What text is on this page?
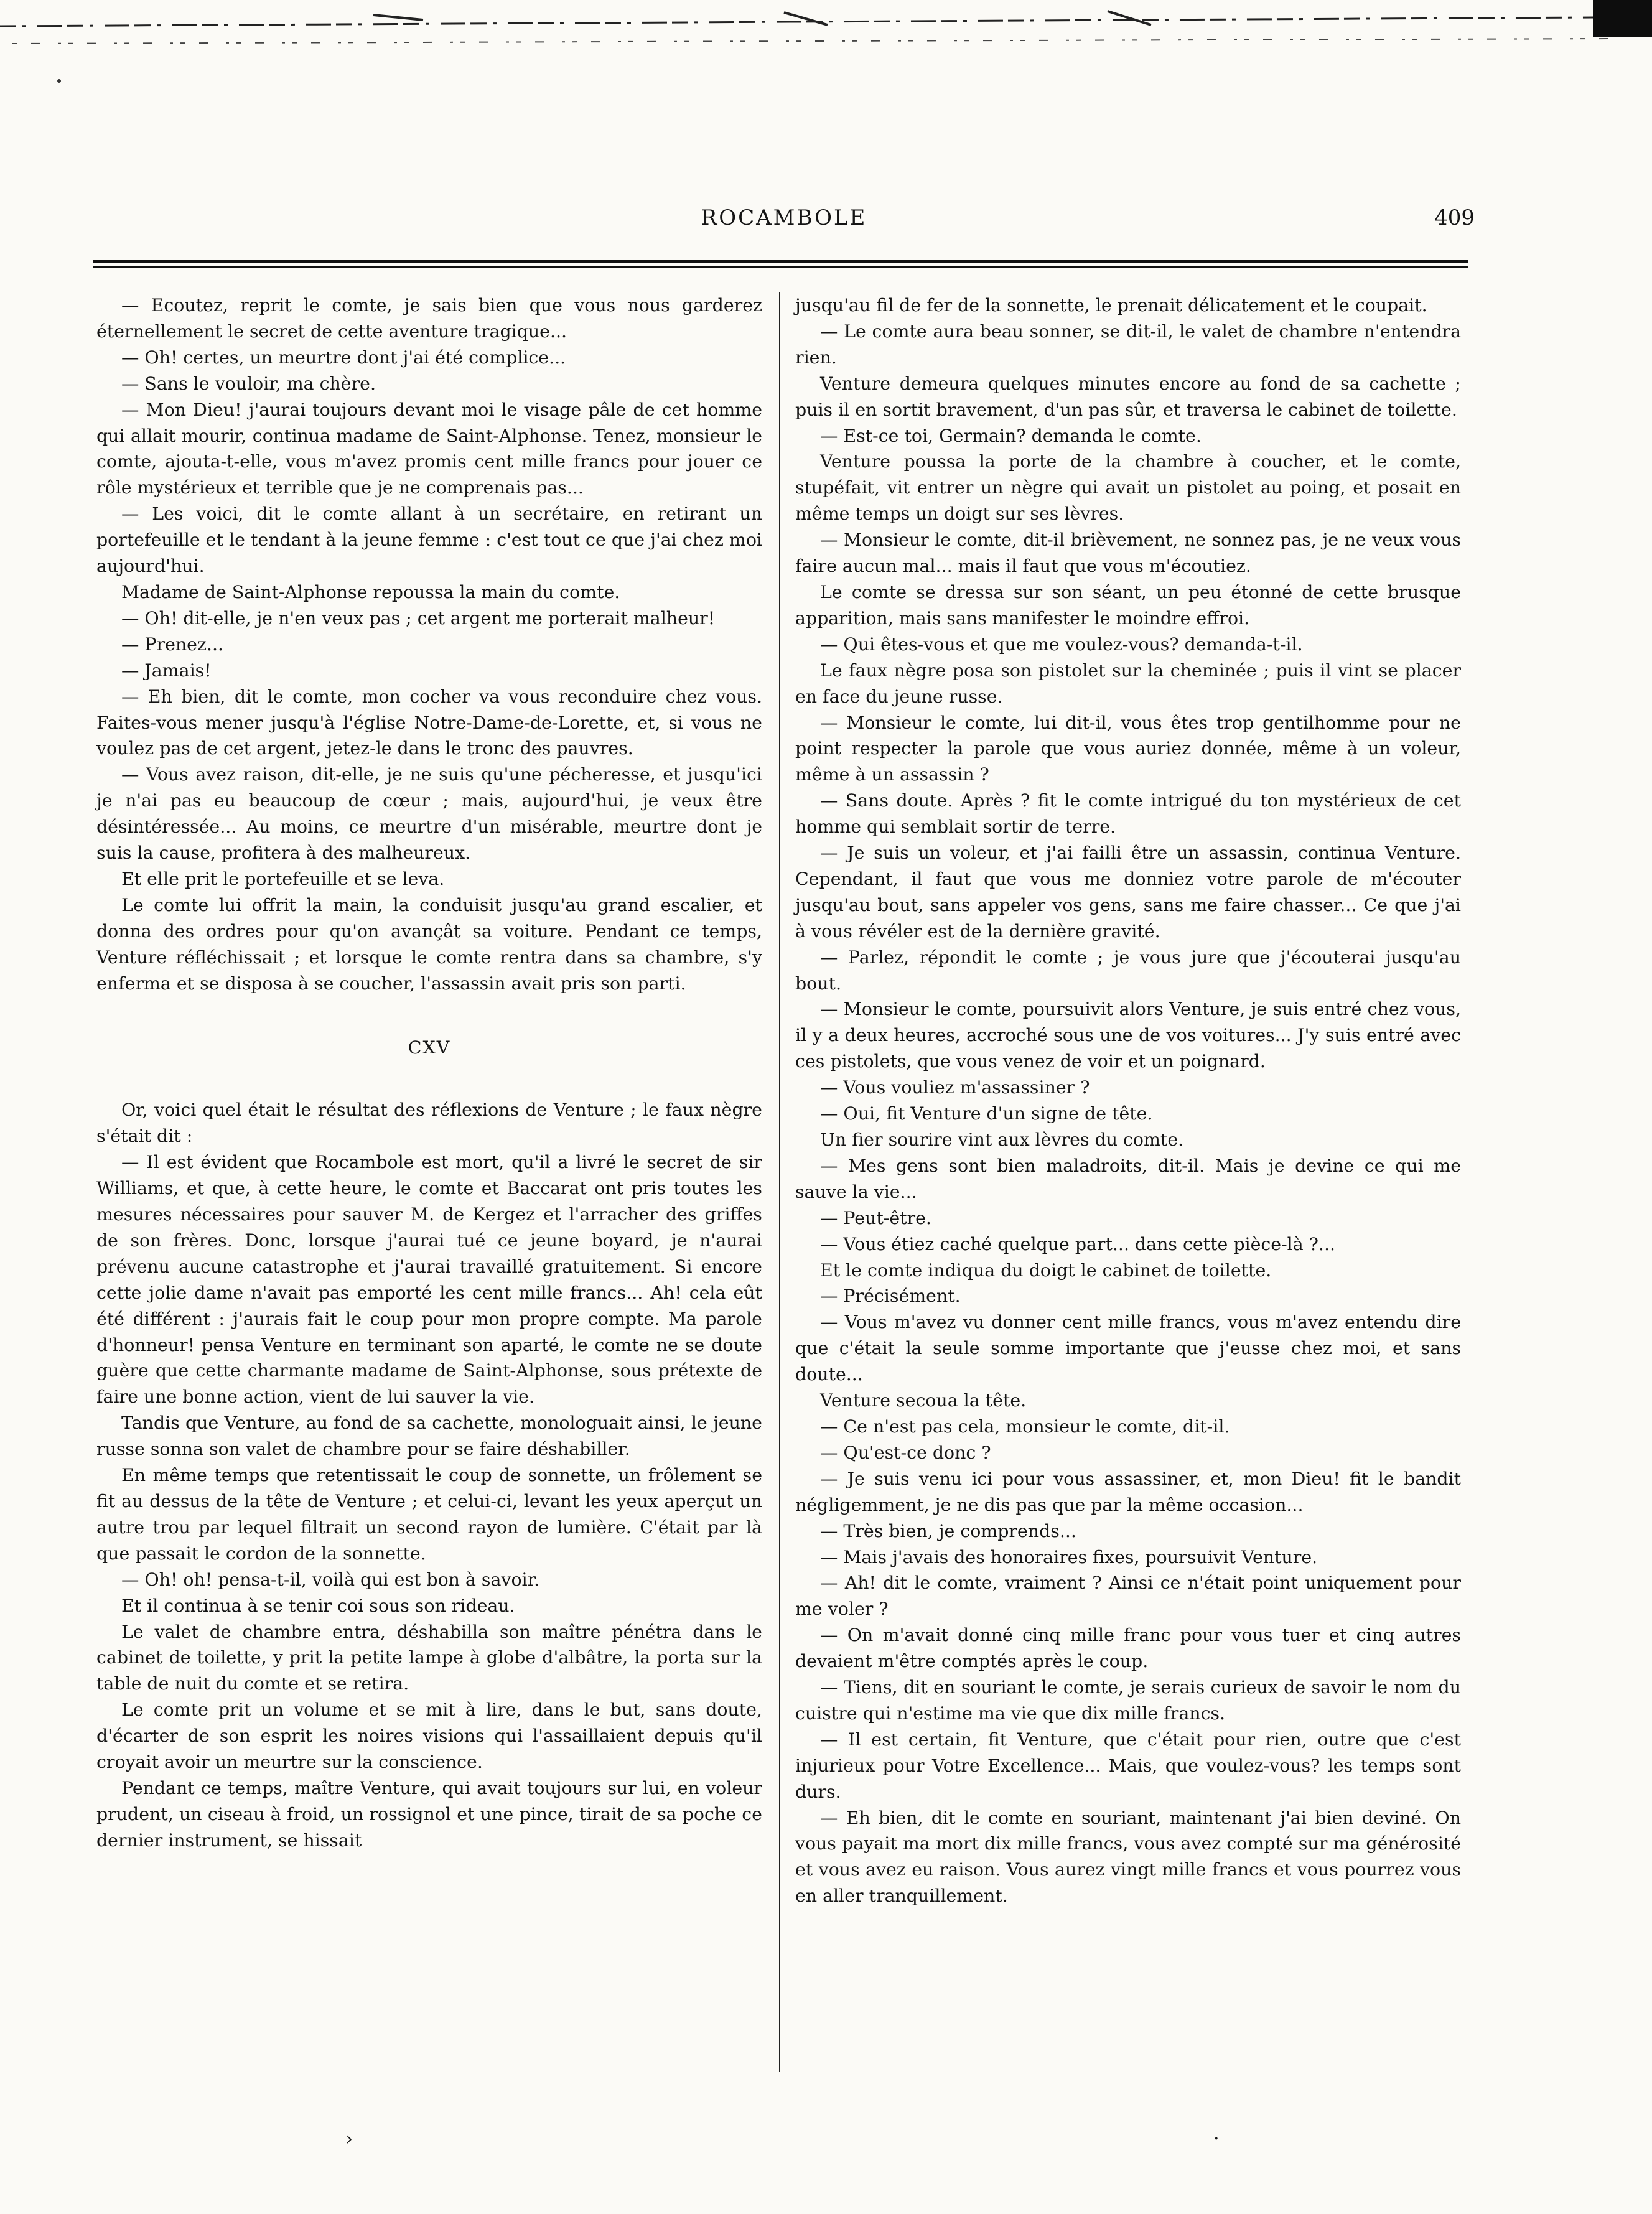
ROCAMBOLE	409

— Ecoutez, reprit le comte, je sais bien que vous nous garderez éternellement le secret de cette aventure tragique...

— Oh! certes, un meurtre dont j'ai été complice...

— Sans le vouloir, ma chère.

— Mon Dieu! j'aurai toujours devant moi le visage pâle de cet homme qui allait mourir, continua madame de Saint-Alphonse. Tenez, monsieur le comte, ajouta-t-elle, vous m'avez promis cent mille francs pour jouer ce rôle mystérieux et terrible que je ne comprenais pas...

— Les voici, dit le comte allant à un secrétaire, en retirant un portefeuille et le tendant à la jeune femme : c'est tout ce que j'ai chez moi aujourd'hui.

Madame de Saint-Alphonse repoussa la main du comte.

— Oh! dit-elle, je n'en veux pas ; cet argent me porterait malheur!

— Prenez...

— Jamais!

— Eh bien, dit le comte, mon cocher va vous reconduire chez vous. Faites-vous mener jusqu'à l'église Notre-Dame-de-Lorette, et, si vous ne voulez pas de cet argent, jetez-le dans le tronc des pauvres.

— Vous avez raison, dit-elle, je ne suis qu'une pécheresse, et jusqu'ici je n'ai pas eu beaucoup de cœur ; mais, aujourd'hui, je veux être désintéressée... Au moins, ce meurtre d'un misérable, meurtre dont je suis la cause, profitera à des malheureux.

Et elle prit le portefeuille et se leva.

Le comte lui offrit la main, la conduisit jusqu'au grand escalier, et donna des ordres pour qu'on avançât sa voiture. Pendant ce temps, Venture réfléchissait ; et lorsque le comte rentra dans sa chambre, s'y enferma et se disposa à se coucher, l'assassin avait pris son parti.

CXV

Or, voici quel était le résultat des réflexions de Venture ; le faux nègre s'était dit :

— Il est évident que Rocambole est mort, qu'il a livré le secret de sir Williams, et que, à cette heure, le comte et Baccarat ont pris toutes les mesures nécessaires pour sauver M. de Kergez et l'arracher des griffes de son frères. Donc, lorsque j'aurai tué ce jeune boyard, je n'aurai prévenu aucune catastrophe et j'aurai travaillé gratuitement. Si encore cette jolie dame n'avait pas emporté les cent mille francs... Ah! cela eût été différent : j'aurais fait le coup pour mon propre compte. Ma parole d'honneur! pensa Venture en terminant son aparté, le comte ne se doute guère que cette charmante madame de Saint-Alphonse, sous prétexte de faire une bonne action, vient de lui sauver la vie.

Tandis que Venture, au fond de sa cachette, monologuait ainsi, le jeune russe sonna son valet de chambre pour se faire déshabiller.

En même temps que retentissait le coup de sonnette, un frôlement se fit au dessus de la tête de Venture ; et celui-ci, levant les yeux aperçut un autre trou par lequel filtrait un second rayon de lumière. C'était par là que passait le cordon de la sonnette.

— Oh! oh! pensa-t-il, voilà qui est bon à savoir.

Et il continua à se tenir coi sous son rideau.

Le valet de chambre entra, déshabilla son maître pénétra dans le cabinet de toilette, y prit la petite lampe à globe d'albâtre, la porta sur la table de nuit du comte et se retira.

Le comte prit un volume et se mit à lire, dans le but, sans doute, d'écarter de son esprit les noires visions qui l'assaillaient depuis qu'il croyait avoir un meurtre sur la conscience.

Pendant ce temps, maître Venture, qui avait toujours sur lui, en voleur prudent, un ciseau à froid, un rossignol et une pince, tirait de sa poche ce dernier instrument, se hissait

jusqu'au fil de fer de la sonnette, le prenait délicatement et le coupait.

— Le comte aura beau sonner, se dit-il, le valet de chambre n'entendra rien.

Venture demeura quelques minutes encore au fond de sa cachette ; puis il en sortit bravement, d'un pas sûr, et traversa le cabinet de toilette.

— Est-ce toi, Germain? demanda le comte.

Venture poussa la porte de la chambre à coucher, et le comte, stupéfait, vit entrer un nègre qui avait un pistolet au poing, et posait en même temps un doigt sur ses lèvres.

— Monsieur le comte, dit-il brièvement, ne sonnez pas, je ne veux vous faire aucun mal... mais il faut que vous m'écoutiez.

Le comte se dressa sur son séant, un peu étonné de cette brusque apparition, mais sans manifester le moindre effroi.

— Qui êtes-vous et que me voulez-vous? demanda-t-il.

Le faux nègre posa son pistolet sur la cheminée ; puis il vint se placer en face du jeune russe.

— Monsieur le comte, lui dit-il, vous êtes trop gentilhomme pour ne point respecter la parole que vous auriez donnée, même à un voleur, même à un assassin ?

— Sans doute. Après ? fit le comte intrigué du ton mystérieux de cet homme qui semblait sortir de terre.

— Je suis un voleur, et j'ai failli être un assassin, continua Venture. Cependant, il faut que vous me donniez votre parole de m'écouter jusqu'au bout, sans appeler vos gens, sans me faire chasser... Ce que j'ai à vous révéler est de la dernière gravité.

— Parlez, répondit le comte ; je vous jure que j'écouterai jusqu'au bout.

— Monsieur le comte, poursuivit alors Venture, je suis entré chez vous, il y a deux heures, accroché sous une de vos voitures... J'y suis entré avec ces pistolets, que vous venez de voir et un poignard.

— Vous vouliez m'assassiner ?

— Oui, fit Venture d'un signe de tête.

Un fier sourire vint aux lèvres du comte.

— Mes gens sont bien maladroits, dit-il. Mais je devine ce qui me sauve la vie...

— Peut-être.

— Vous étiez caché quelque part... dans cette pièce-là ?...

Et le comte indiqua du doigt le cabinet de toilette.

— Précisément.

— Vous m'avez vu donner cent mille francs, vous m'avez entendu dire que c'était la seule somme importante que j'eusse chez moi, et sans doute...

Venture secoua la tête.

— Ce n'est pas cela, monsieur le comte, dit-il.

— Qu'est-ce donc ?

— Je suis venu ici pour vous assassiner, et, mon Dieu! fit le bandit négligemment, je ne dis pas que par la même occasion...

— Très bien, je comprends...

— Mais j'avais des honoraires fixes, poursuivit Venture.

— Ah! dit le comte, vraiment ? Ainsi ce n'était point uniquement pour me voler ?

— On m'avait donné cinq mille franc pour vous tuer et cinq autres devaient m'être comptés après le coup.

— Tiens, dit en souriant le comte, je serais curieux de savoir le nom du cuistre qui n'estime ma vie que dix mille francs.

— Il est certain, fit Venture, que c'était pour rien, outre que c'est injurieux pour Votre Excellence... Mais, que voulez-vous? les temps sont durs.

— Eh bien, dit le comte en souriant, maintenant j'ai bien deviné. On vous payait ma mort dix mille francs, vous avez compté sur ma générosité et vous avez eu raison. Vous aurez vingt mille francs et vous pourrez vous en aller tranquillement.

›	·
